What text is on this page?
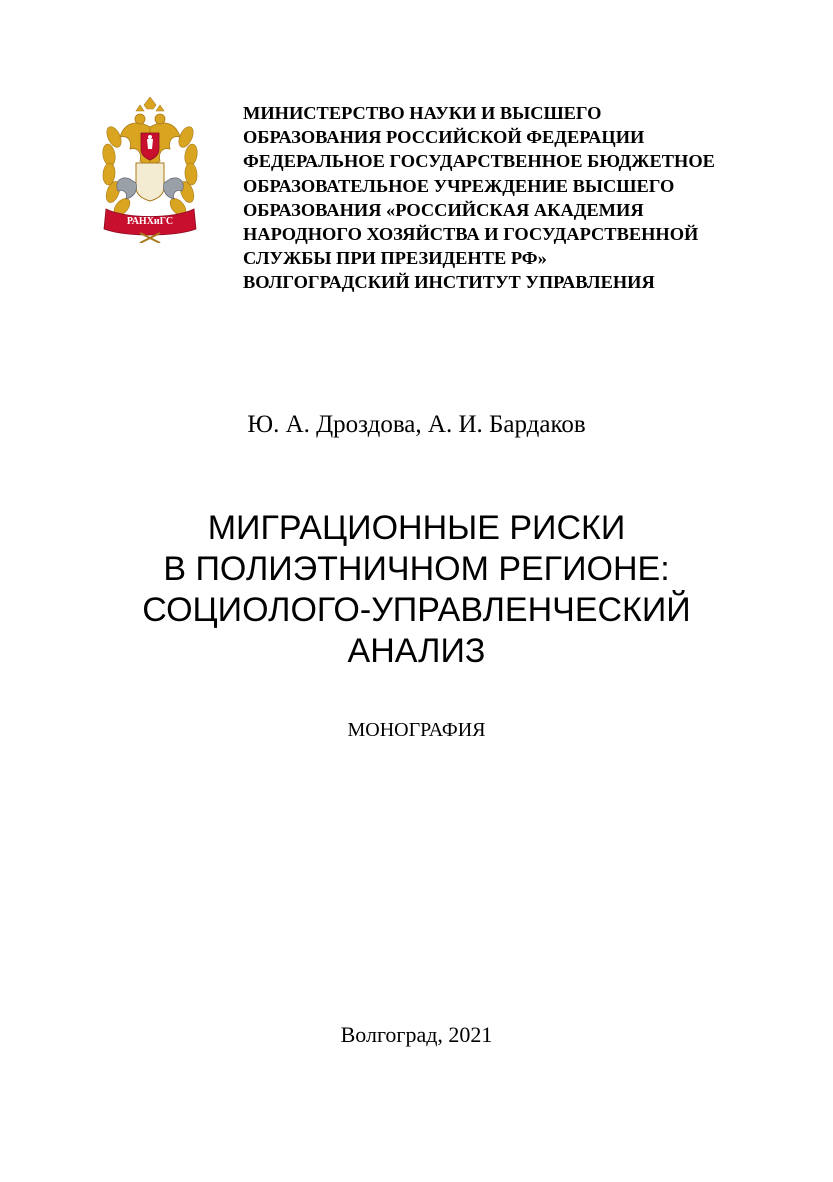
РАНХиГС
МИНИСТЕРСТВО НАУКИ И ВЫСШЕГО
ОБРАЗОВАНИЯ РОССИЙСКОЙ ФЕДЕРАЦИИ
ФЕДЕРАЛЬНОЕ ГОСУДАРСТВЕННОЕ БЮДЖЕТНОЕ
ОБРАЗОВАТЕЛЬНОЕ УЧРЕЖДЕНИЕ ВЫСШЕГО
ОБРАЗОВАНИЯ «РОССИЙСКАЯ АКАДЕМИЯ
НАРОДНОГО ХОЗЯЙСТВА И ГОСУДАРСТВЕННОЙ
СЛУЖБЫ ПРИ ПРЕЗИДЕНТЕ РФ»
ВОЛГОГРАДСКИЙ ИНСТИТУТ УПРАВЛЕНИЯ
Ю. А. Дроздова, А. И. Бардаков
МИГРАЦИОННЫЕ РИСКИ
В ПОЛИЭТНИЧНОМ РЕГИОНЕ:
СОЦИОЛОГО-УПРАВЛЕНЧЕСКИЙ
АНАЛИЗ
МОНОГРАФИЯ
Волгоград, 2021
